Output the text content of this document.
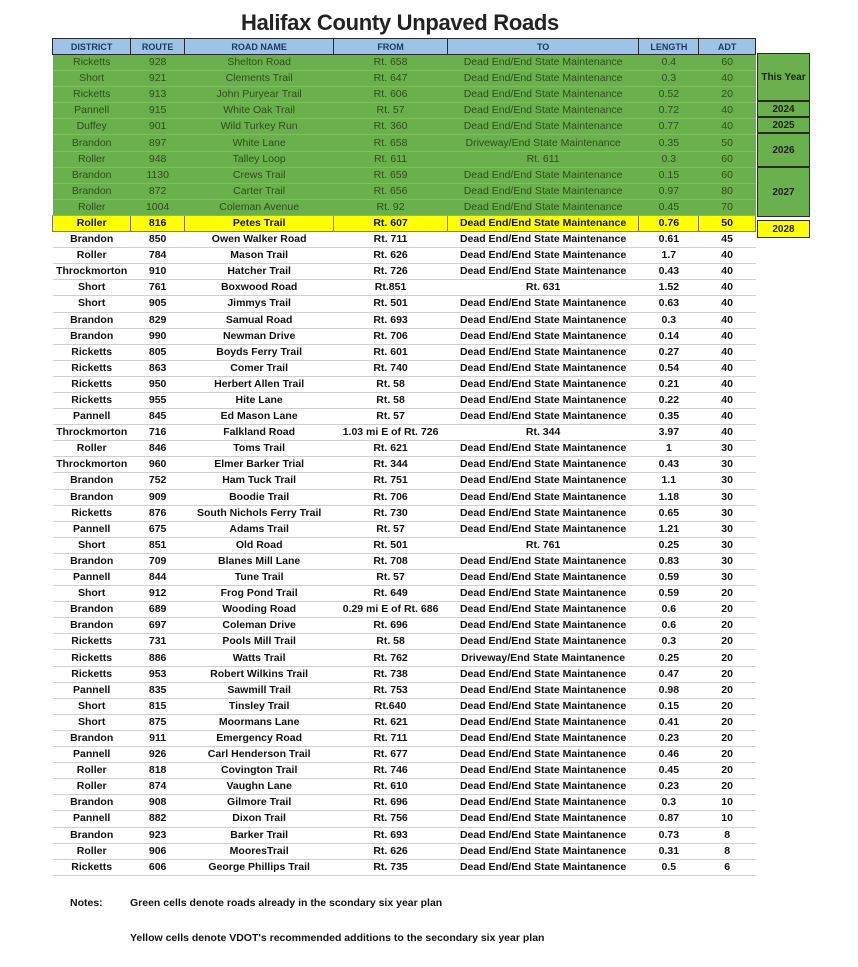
Halifax County Unpaved Roads
DISTRICT	ROUTE	ROAD NAME	FROM	TO	LENGTH	ADT
Ricketts	928	Shelton Road	Rt. 658	Dead End/End State Maintenance	0.4	60
Short	921	Clements Trail	Rt. 647	Dead End/End State Maintenance	0.3	40
Ricketts	913	John Puryear Trail	Rt. 606	Dead End/End State Maintenance	0.52	20
Pannell	915	White Oak Trail	Rt. 57	Dead End/End State Maintenance	0.72	40
Duffey	901	Wild Turkey Run	Rt. 360	Dead End/End State Maintenance	0.77	40
Brandon	897	White Lane	Rt. 658	Driveway/End State Maintenance	0.35	50
Roller	948	Talley Loop	Rt. 611	Rt. 611	0.3	60
Brandon	1130	Crews Trail	Rt. 659	Dead End/End State Maintenance	0.15	60
Brandon	872	Carter Trail	Rt. 656	Dead End/End State Maintenance	0.97	80
Roller	1004	Coleman Avenue	Rt. 92	Dead End/End State Maintenance	0.45	70
Roller	816	Petes Trail	Rt. 607	Dead End/End State Maintenance	0.76	50
Brandon	850	Owen Walker Road	Rt. 711	Dead End/End State Maintenance	0.61	45
Roller	784	Mason Trail	Rt. 626	Dead End/End State Maintenance	1.7	40
Throckmorton	910	Hatcher Trail	Rt. 726	Dead End/End State Maintenance	0.43	40
Short	761	Boxwood Road	Rt.851	Rt. 631	1.52	40
Short	905	Jimmys Trail	Rt. 501	Dead End/End State Maintanence	0.63	40
Brandon	829	Samual Road	Rt. 693	Dead End/End State Maintanence	0.3	40
Brandon	990	Newman Drive	Rt. 706	Dead End/End State Maintanence	0.14	40
Ricketts	805	Boyds Ferry Trail	Rt. 601	Dead End/End State Maintanence	0.27	40
Ricketts	863	Comer Trail	Rt. 740	Dead End/End State Maintanence	0.54	40
Ricketts	950	Herbert Allen Trail	Rt. 58	Dead End/End State Maintanence	0.21	40
Ricketts	955	Hite Lane	Rt. 58	Dead End/End State Maintanence	0.22	40
Pannell	845	Ed Mason Lane	Rt. 57	Dead End/End State Maintanence	0.35	40
Throckmorton	716	Falkland Road	1.03 mi E of Rt. 726	Rt. 344	3.97	40
Roller	846	Toms Trail	Rt. 621	Dead End/End State Maintanence	1	30
Throckmorton	960	Elmer Barker Trial	Rt. 344	Dead End/End State Maintanence	0.43	30
Brandon	752	Ham Tuck Trail	Rt. 751	Dead End/End State Maintanence	1.1	30
Brandon	909	Boodie Trail	Rt. 706	Dead End/End State Maintanence	1.18	30
Ricketts	876	South Nichols Ferry Trail	Rt. 730	Dead End/End State Maintanence	0.65	30
Pannell	675	Adams Trail	Rt. 57	Dead End/End State Maintanence	1.21	30
Short	851	Old Road	Rt. 501	Rt. 761	0.25	30
Brandon	709	Blanes Mill Lane	Rt. 708	Dead End/End State Maintanence	0.83	30
Pannell	844	Tune Trail	Rt. 57	Dead End/End State Maintanence	0.59	30
Short	912	Frog Pond Trail	Rt. 649	Dead End/End State Maintanence	0.59	20
Brandon	689	Wooding Road	0.29 mi E of Rt. 686	Dead End/End State Maintanence	0.6	20
Brandon	697	Coleman Drive	Rt. 696	Dead End/End State Maintanence	0.6	20
Ricketts	731	Pools Mill Trail	Rt. 58	Dead End/End State Maintanence	0.3	20
Ricketts	886	Watts Trail	Rt. 762	Driveway/End State Maintanence	0.25	20
Ricketts	953	Robert Wilkins Trail	Rt. 738	Dead End/End State Maintanence	0.47	20
Pannell	835	Sawmill Trail	Rt. 753	Dead End/End State Maintanence	0.98	20
Short	815	Tinsley Trail	Rt.640	Dead End/End State Maintanence	0.15	20
Short	875	Moormans Lane	Rt. 621	Dead End/End State Maintanence	0.41	20
Brandon	911	Emergency Road	Rt. 711	Dead End/End State Maintanence	0.23	20
Pannell	926	Carl Henderson Trail	Rt. 677	Dead End/End State Maintanence	0.46	20
Roller	818	Covington Trail	Rt. 746	Dead End/End State Maintanence	0.45	20
Roller	874	Vaughn Lane	Rt. 610	Dead End/End State Maintanence	0.23	20
Brandon	908	Gilmore Trail	Rt. 696	Dead End/End State Maintanence	0.3	10
Pannell	882	Dixon Trail	Rt. 756	Dead End/End State Maintanence	0.87	10
Brandon	923	Barker Trail	Rt. 693	Dead End/End State Maintanence	0.73	8
Roller	906	MooresTrail	Rt. 626	Dead End/End State Maintanence	0.31	8
Ricketts	606	George Phillips Trail	Rt. 735	Dead End/End State Maintanence	0.5	6
This Year
2024
2025
2026
2027
2028
Notes:	Green cells denote roads already in the scondary six year plan
Yellow cells denote VDOT's recommended additions to the secondary six year plan
